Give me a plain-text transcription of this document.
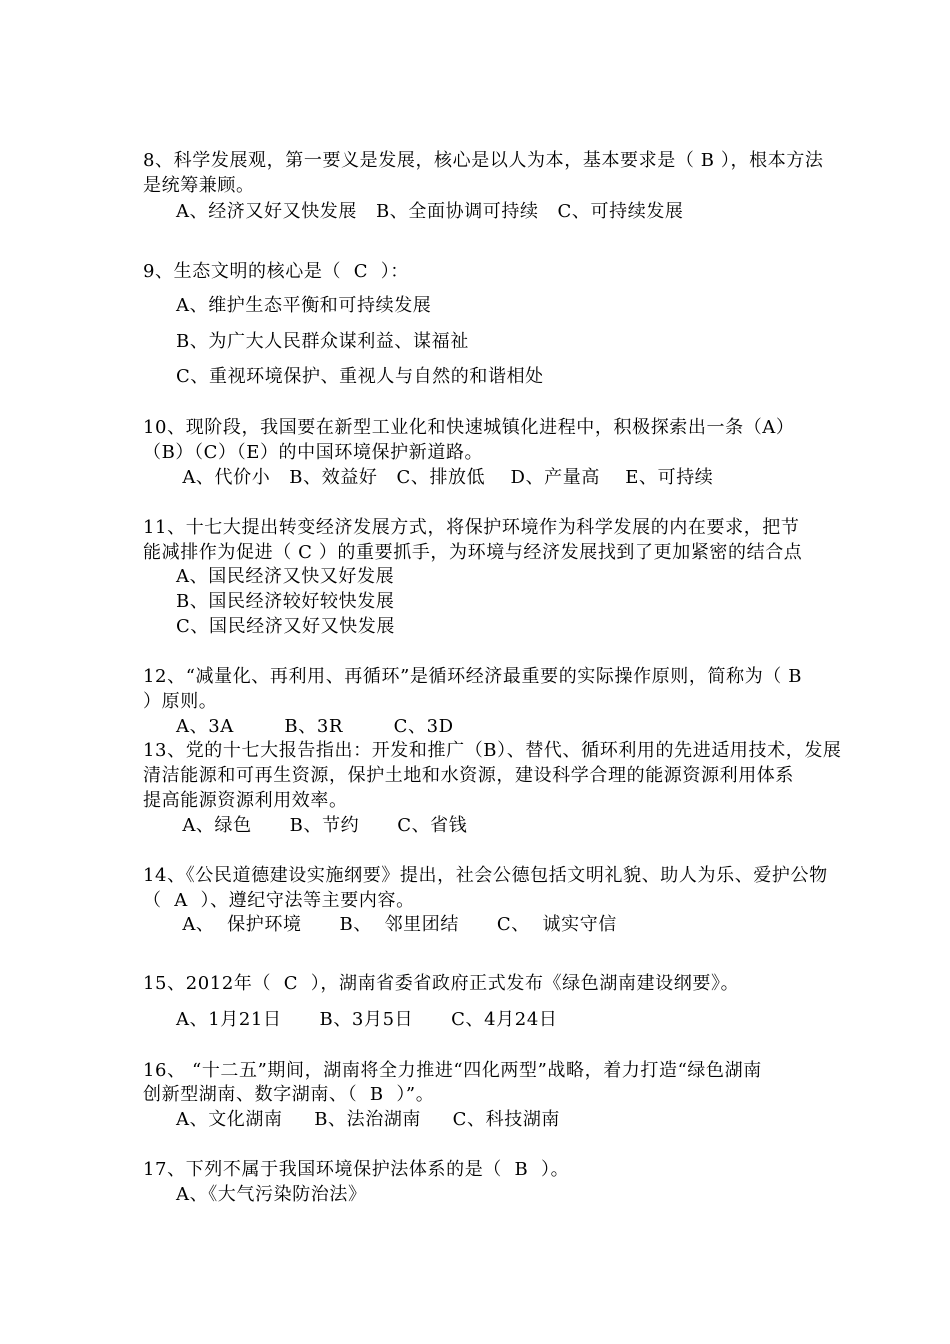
8、科学发展观，第一要义是发展，核心是以人为本，基本要求是（ B ），根本方法
是统筹兼顾。
A、经济又好又快发展   B、全面协调可持续   C、可持续发展
9、生态文明的核心是（  C  ）：
A、维护生态平衡和可持续发展
B、为广大人民群众谋利益、谋福祉
C、重视环境保护、重视人与自然的和谐相处
10、现阶段，我国要在新型工业化和快速城镇化进程中，积极探索出一条（A）
（B）（C）（E）的中国环境保护新道路。
A、代价小   B、效益好   C、排放低    D、产量高    E、可持续
11、十七大提出转变经济发展方式，将保护环境作为科学发展的内在要求，把节
能减排作为促进（ C ）的重要抓手，为环境与经济发展找到了更加紧密的结合点
A、国民经济又快又好发展
B、国民经济较好较快发展
C、国民经济又好又快发展
12、“减量化、再利用、再循环”是循环经济最重要的实际操作原则，简称为（ B
）原则。
A、3A        B、3R        C、3D
13、党的十七大报告指出：开发和推广（B）、替代、循环利用的先进适用技术，发展
清洁能源和可再生资源，保护土地和水资源，建设科学合理的能源资源利用体系
提高能源资源利用效率。
A、绿色      B、节约      C、省钱
14、《公民道德建设实施纲要》提出，社会公德包括文明礼貌、助人为乐、爱护公物
（  A  ）、遵纪守法等主要内容。
A、  保护环境      B、  邻里团结      C、  诚实守信
15、2012年（  C  ），湖南省委省政府正式发布《绿色湖南建设纲要》。
A、1月21日      B、3月5日      C、4月24日
16、 “十二五”期间，湖南将全力推进“四化两型”战略，着力打造“绿色湖南
创新型湖南、数字湖南、（  B  ）”。
A、文化湖南     B、法治湖南     C、科技湖南
17、下列不属于我国环境保护法体系的是（  B  ）。
A、《大气污染防治法》
